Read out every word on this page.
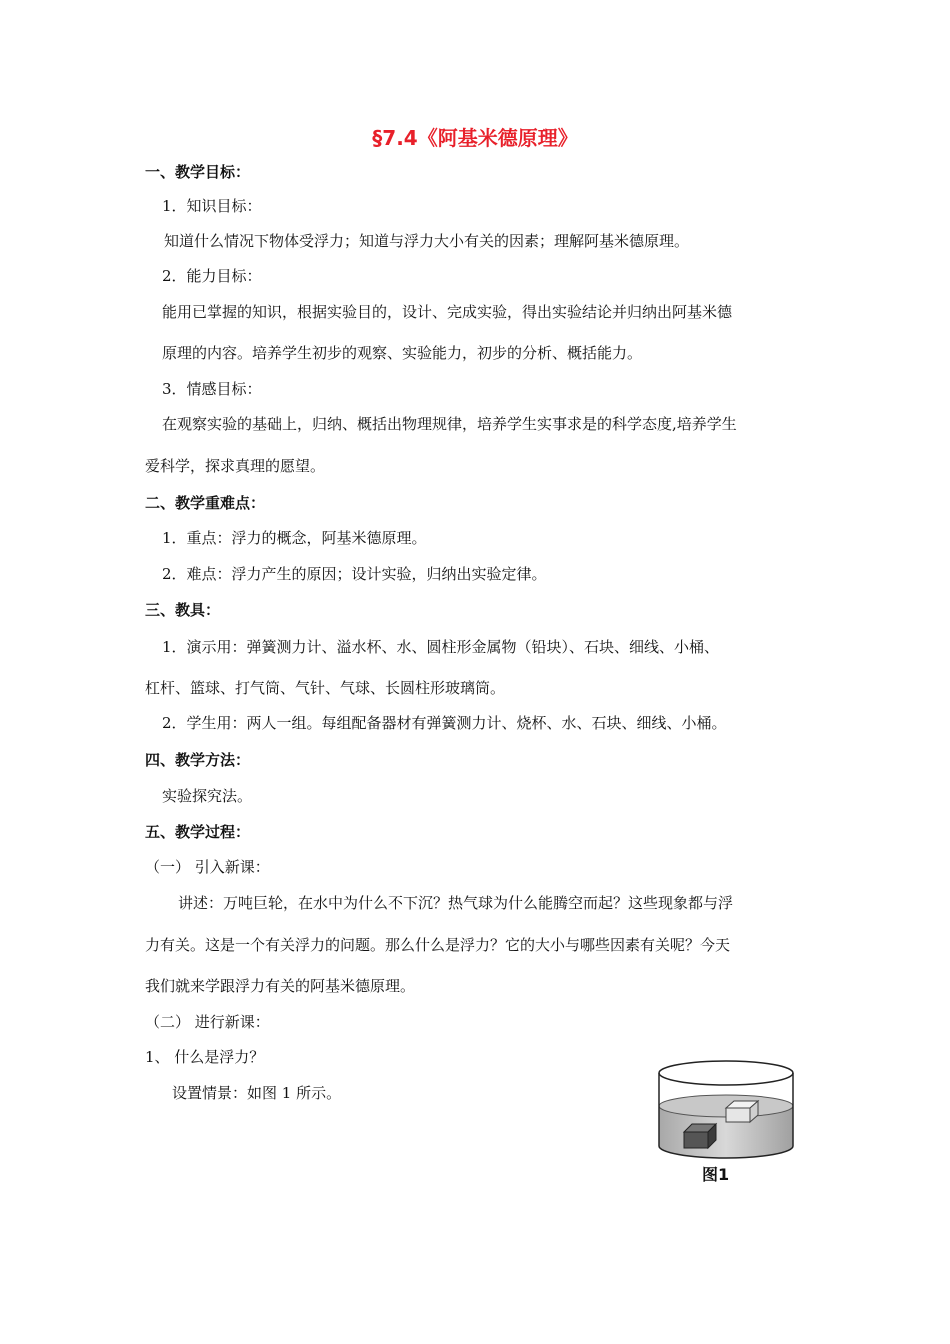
§7.4《阿基米德原理》
一、教学目标：
1．知识目标：
知道什么情况下物体受浮力；知道与浮力大小有关的因素；理解阿基米德原理。
2．能力目标：
能用已掌握的知识，根据实验目的，设计、完成实验，得出实验结论并归纳出阿基米德
原理的内容。培养学生初步的观察、实验能力，初步的分析、概括能力。
3．情感目标：
在观察实验的基础上，归纳、概括出物理规律，培养学生实事求是的科学态度,培养学生
爱科学，探求真理的愿望。
二、教学重难点：
1．重点：浮力的概念，阿基米德原理。
2．难点：浮力产生的原因；设计实验，归纳出实验定律。
三、教具：
1．演示用：弹簧测力计、溢水杯、水、圆柱形金属物（铅块）、石块、细线、小桶、
杠杆、篮球、打气筒、气针、气球、长圆柱形玻璃筒。
2．学生用：两人一组。每组配备器材有弹簧测力计、烧杯、水、石块、细线、小桶。
四、教学方法：
实验探究法。
五、教学过程：
（一） 引入新课：
讲述：万吨巨轮，在水中为什么不下沉？热气球为什么能腾空而起？这些现象都与浮
力有关。这是一个有关浮力的问题。那么什么是浮力？它的大小与哪些因素有关呢？今天
我们就来学跟浮力有关的阿基米德原理。
（二） 进行新课：
1、 什么是浮力？
设置情景：如图 1 所示。
图1
